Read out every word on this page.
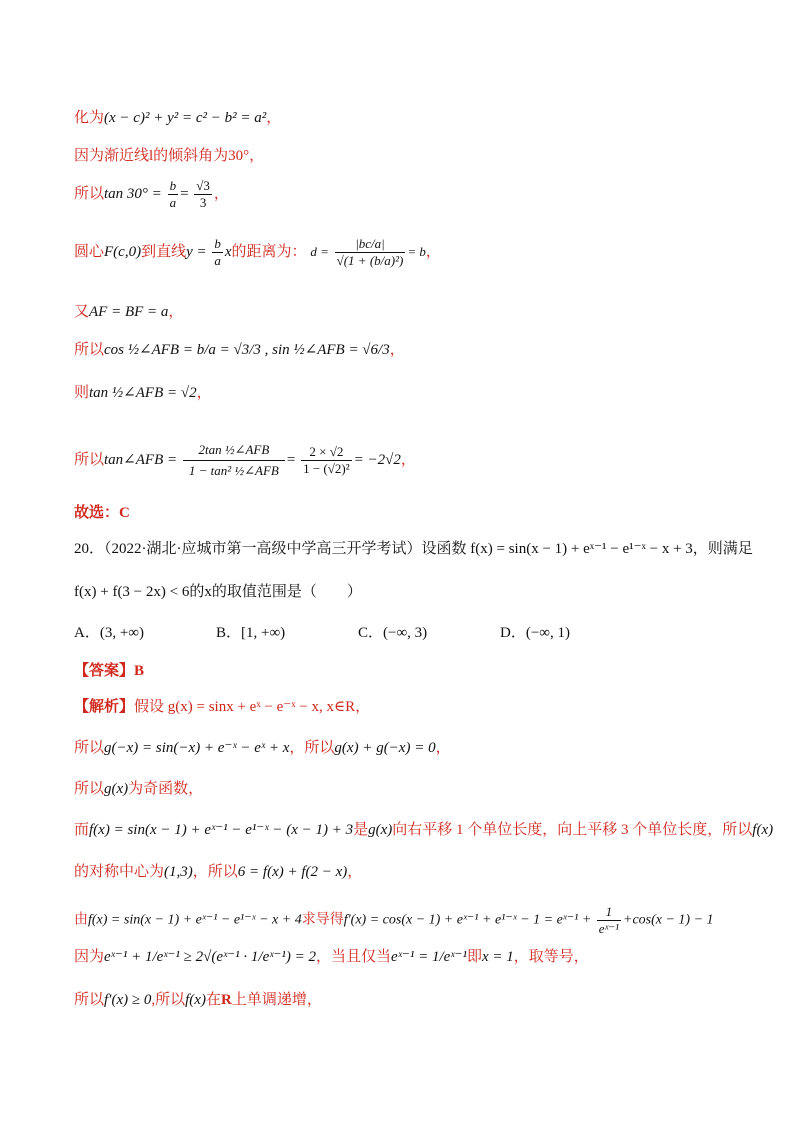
化为(x − c)² + y² = c² − b² = a²，
因为渐近线l的倾斜角为30°，
所以$\tan 30^\circ = \frac{b}{a} = \frac{√3}{3}$ ，
圆心F(c,0)到直线$y = \frac{b}{a}$ x的距离为： $d = \frac{|bc/a|}{\text{√(1 + (b/a)²)}} = b$，
又AF = BF = a，
所以cos ½∠AFB = b/a = √3/3 , sin ½∠AFB = √6/3，
则tan ½∠AFB = √2，
所以tan∠AFB = $\frac{\text{2tan ½∠AFB}}{\text{1 − tan² ½∠AFB}} = \frac{2 \times √2}{\text{1 − (√2)²}} = -2√2$，
故选：C
20．（2022·湖北·应城市第一高级中学高三开学考试）设函数 f(x) = sin(x − 1) + eˣ⁻¹ − e¹⁻ˣ − x + 3，则满足
f(x) + f(3 − 2x) < 6的x的取值范围是（　　）
A．(3, +∞)	B．[1, +∞)	C．(−∞, 3)	D．(−∞, 1)
【答案】B
【解析】假设 g(x) = sinx + eˣ − e⁻ˣ − x, x∈R，
所以g(−x) = sin(−x) + e⁻ˣ − eˣ + x，所以g(x) + g(−x) = 0，
所以g(x)为奇函数，
而f(x) = sin(x − 1) + eˣ⁻¹ − e¹⁻ˣ − (x − 1) + 3是g(x)向右平移 1 个单位长度，向上平移 3 个单位长度，所以f(x)
的对称中心为(1,3)，所以6 = f(x) + f(2 − x)，
由f(x) = sin(x − 1) + eˣ⁻¹ − e¹⁻ˣ − x + 4求导得f′(x) = cos(x − 1) + eˣ⁻¹ + e¹⁻ˣ − 1 = eˣ⁻¹ + $\frac{1}{\text{eˣ⁻¹}} +\cos(x - 1) - 1$
因为eˣ⁻¹ + 1/eˣ⁻¹ ≥ 2√(eˣ⁻¹ · 1/eˣ⁻¹) = 2，当且仅当eˣ⁻¹ = 1/eˣ⁻¹即x = 1，取等号，
所以f′(x) ≥ 0,所以f(x)在R上单调递增，
